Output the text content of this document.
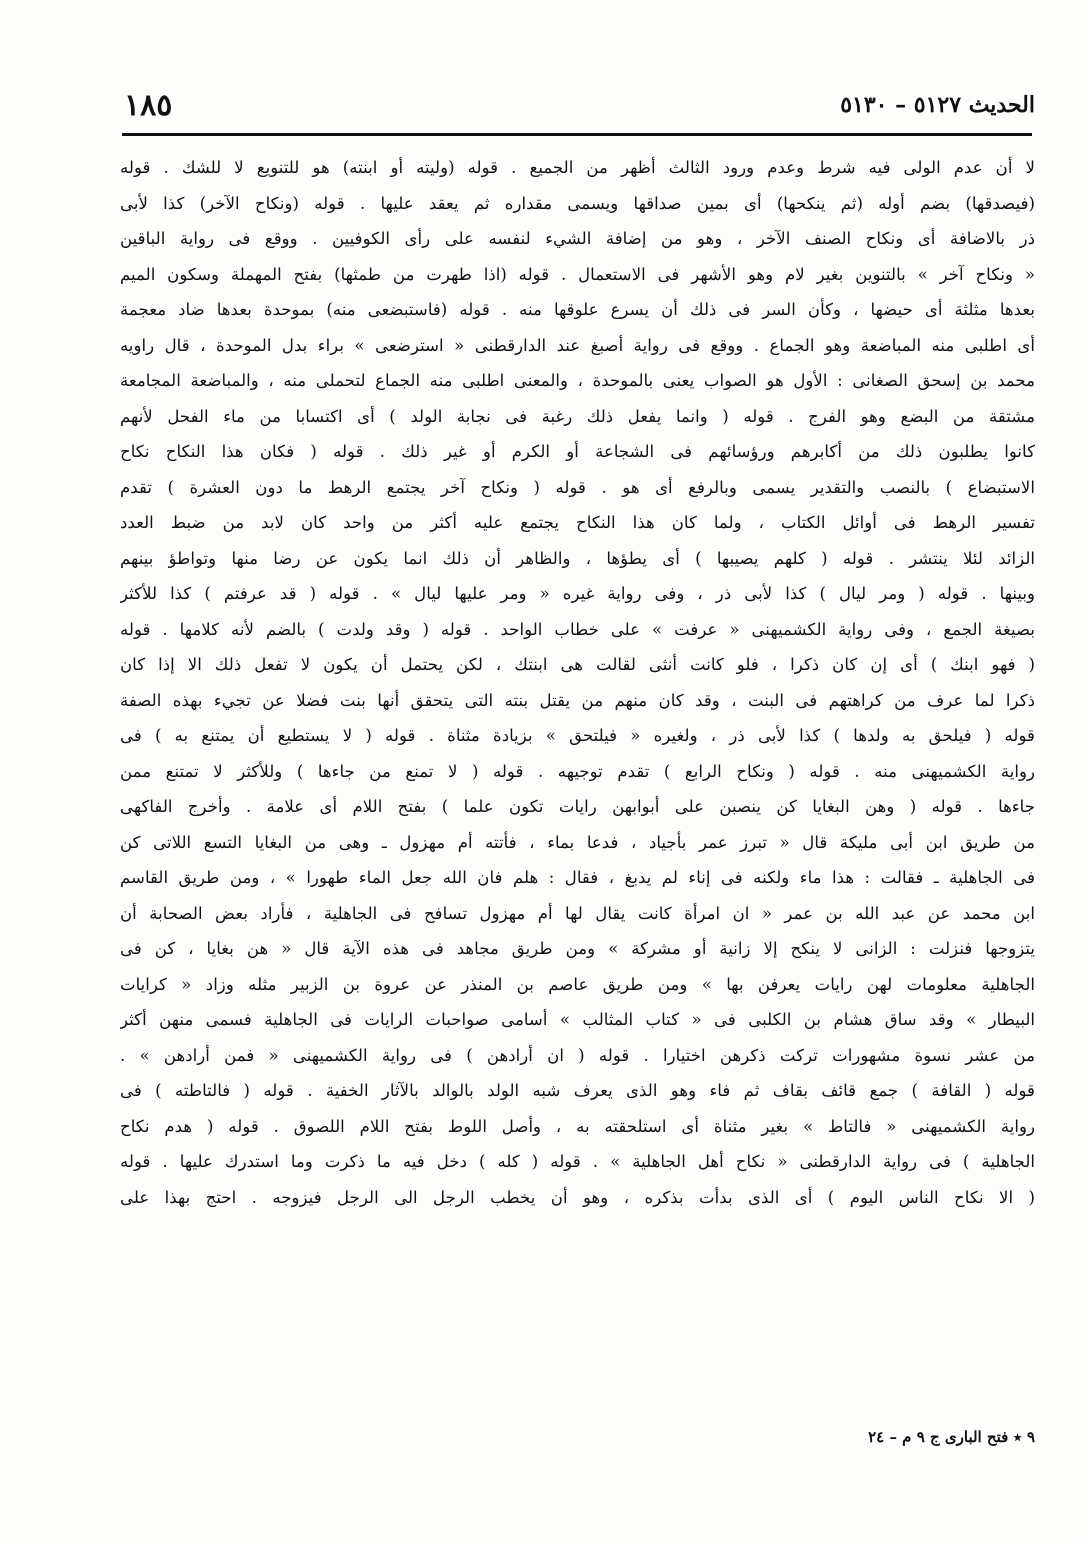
الحديث ٥١٢٧ – ٥١٣٠
١٨٥
لا أن عدم الولى فيه شرط وعدم ورود الثالث أظهر من الجميع . قوله (وليته أو ابنته) هو للتنويع لا للشك . قوله
(فيصدقها) بضم أوله (ثم ينكحها) أى بمين صداقها ويسمى مقداره ثم يعقد عليها . قوله (ونكاح الآخر) كذا لأبى
ذر بالاضافة أى ونكاح الصنف الآخر ، وهو من إضافة الشيء لنفسه على رأى الكوفيين . ووقع فى رواية الباقين
« ونكاح آخر » بالتنوين بغير لام وهو الأشهر فى الاستعمال . قوله (اذا طهرت من طمثها) بفتح المهملة وسكون الميم
بعدها مثلثة أى حيضها ، وكأن السر فى ذلك أن يسرع علوقها منه . قوله (فاستبضعى منه) بموحدة بعدها ضاد معجمة
أى اطلبى منه المباضعة وهو الجماع . ووقع فى رواية أصبغ عند الدارقطنى « استرضعى » براء بدل الموحدة ، قال راويه
محمد بن إسحق الصغانى : الأول هو الصواب يعنى بالموحدة ، والمعنى اطلبى منه الجماع لتحملى منه ، والمباضعة المجامعة
مشتقة من البضع وهو الفرج . قوله ( وانما يفعل ذلك رغبة فى نجابة الولد ) أى اكتسابا من ماء الفحل لأنهم
كانوا يطلبون ذلك من أكابرهم ورؤسائهم فى الشجاعة أو الكرم أو غير ذلك . قوله ( فكان هذا النكاح نكاح
الاستبضاع ) بالنصب والتقدير يسمى وبالرفع أى هو . قوله ( ونكاح آخر يجتمع الرهط ما دون العشرة ) تقدم
تفسير الرهط فى أوائل الكتاب ، ولما كان هذا النكاح يجتمع عليه أكثر من واحد كان لابد من ضبط العدد
الزائد لئلا ينتشر . قوله ( كلهم يصيبها ) أى يطؤها ، والظاهر أن ذلك انما يكون عن رضا منها وتواطؤ بينهم
وبينها . قوله ( ومر ليال ) كذا لأبى ذر ، وفى رواية غيره « ومر عليها ليال » . قوله ( قد عرفتم ) كذا للأكثر
بصيغة الجمع ، وفى رواية الكشميهنى « عرفت » على خطاب الواحد . قوله ( وقد ولدت ) بالضم لأنه كلامها . قوله
( فهو ابنك ) أى إن كان ذكرا ، فلو كانت أنثى لقالت هى ابنتك ، لكن يحتمل أن يكون لا تفعل ذلك الا إذا كان
ذكرا لما عرف من كراهتهم فى البنت ، وقد كان منهم من يقتل بنته التى يتحقق أنها بنت فضلا عن تجيء بهذه الصفة
قوله ( فيلحق به ولدها ) كذا لأبى ذر ، ولغيره « فيلتحق » بزيادة مثناة . قوله ( لا يستطيع أن يمتنع به ) فى
رواية الكشميهنى منه . قوله ( ونكاح الرابع ) تقدم توجيهه . قوله ( لا تمنع من جاءها ) وللأكثر لا تمتنع ممن
جاءها . قوله ( وهن البغايا كن ينصبن على أبوابهن رايات تكون علما ) بفتح اللام أى علامة . وأخرج الفاكهى
من طريق ابن أبى مليكة قال « تبرز عمر بأجياد ، فدعا بماء ، فأتته أم مهزول ـ وهى من البغايا التسع اللاتى كن
فى الجاهلية ـ فقالت : هذا ماء ولكنه فى إناء لم يدبغ ، فقال : هلم فان الله جعل الماء طهورا » ، ومن طريق القاسم
ابن محمد عن عبد الله بن عمر « ان امرأة كانت يقال لها أم مهزول تسافح فى الجاهلية ، فأراد بعض الصحابة أن
يتزوجها فنزلت : الزانى لا ينكح إلا زانية أو مشركة » ومن طريق مجاهد فى هذه الآية قال « هن بغايا ، كن فى
الجاهلية معلومات لهن رايات يعرفن بها » ومن طريق عاصم بن المنذر عن عروة بن الزبير مثله وزاد « كرايات
البيطار » وقد ساق هشام بن الكلبى فى « كتاب المثالب » أسامى صواحبات الرايات فى الجاهلية فسمى منهن أكثر
من عشر نسوة مشهورات تركت ذكرهن اختيارا . قوله ( ان أرادهن ) فى رواية الكشميهنى « فمن أرادهن » .
قوله ( القافة ) جمع قائف بقاف ثم فاء وهو الذى يعرف شبه الولد بالوالد بالآثار الخفية . قوله ( فالتاطته ) فى
رواية الكشميهنى « فالتاط » بغير مثناة أى استلحقته به ، وأصل اللوط بفتح اللام اللصوق . قوله ( هدم نكاح
الجاهلية ) فى رواية الدارقطنى « نكاح أهل الجاهلية » . قوله ( كله ) دخل فيه ما ذكرت وما استدرك عليها . قوله
( الا نكاح الناس اليوم ) أى الذى بدأت بذكره ، وهو أن يخطب الرجل الى الرجل فيزوجه . احتج بهذا على
٩ ٭ فتح البارى ج ٩ م – ٢٤
